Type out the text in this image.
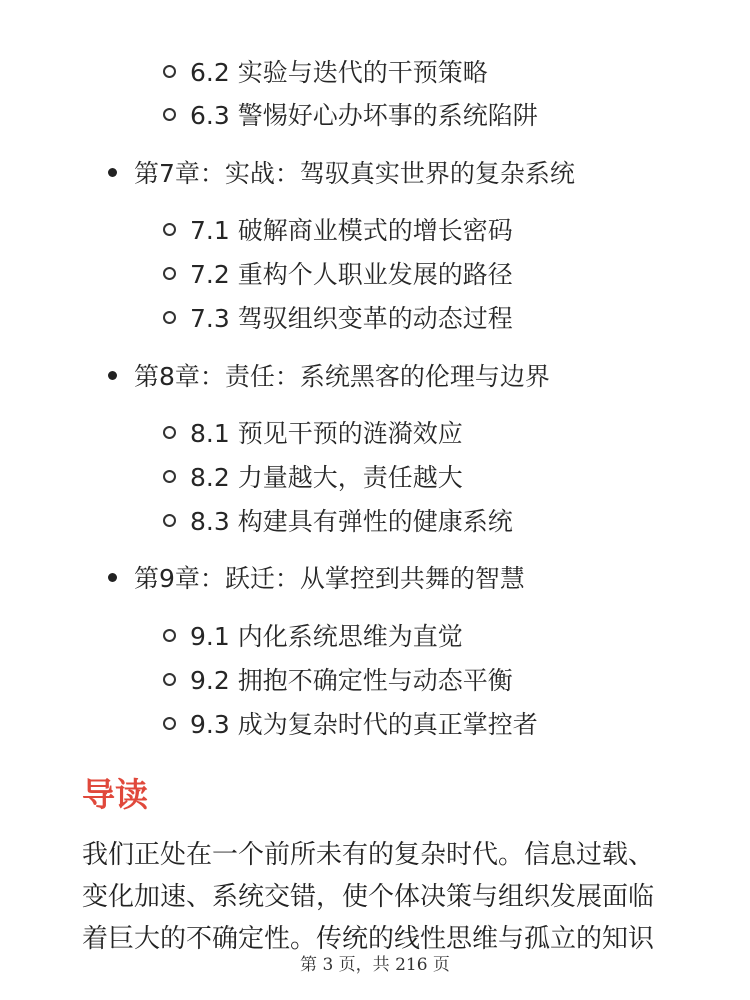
6.2 实验与迭代的干预策略
6.3 警惕好心办坏事的系统陷阱
第7章：实战：驾驭真实世界的复杂系统
7.1 破解商业模式的增长密码
7.2 重构个人职业发展的路径
7.3 驾驭组织变革的动态过程
第8章：责任：系统黑客的伦理与边界
8.1 预见干预的涟漪效应
8.2 力量越大，责任越大
8.3 构建具有弹性的健康系统
第9章：跃迁：从掌控到共舞的智慧
9.1 内化系统思维为直觉
9.2 拥抱不确定性与动态平衡
9.3 成为复杂时代的真正掌控者
导读
我们正处在一个前所未有的复杂时代。信息过载、
变化加速、系统交错，使个体决策与组织发展面临
着巨大的不确定性。传统的线性思维与孤立的知识
第 3 页，共 216 页
